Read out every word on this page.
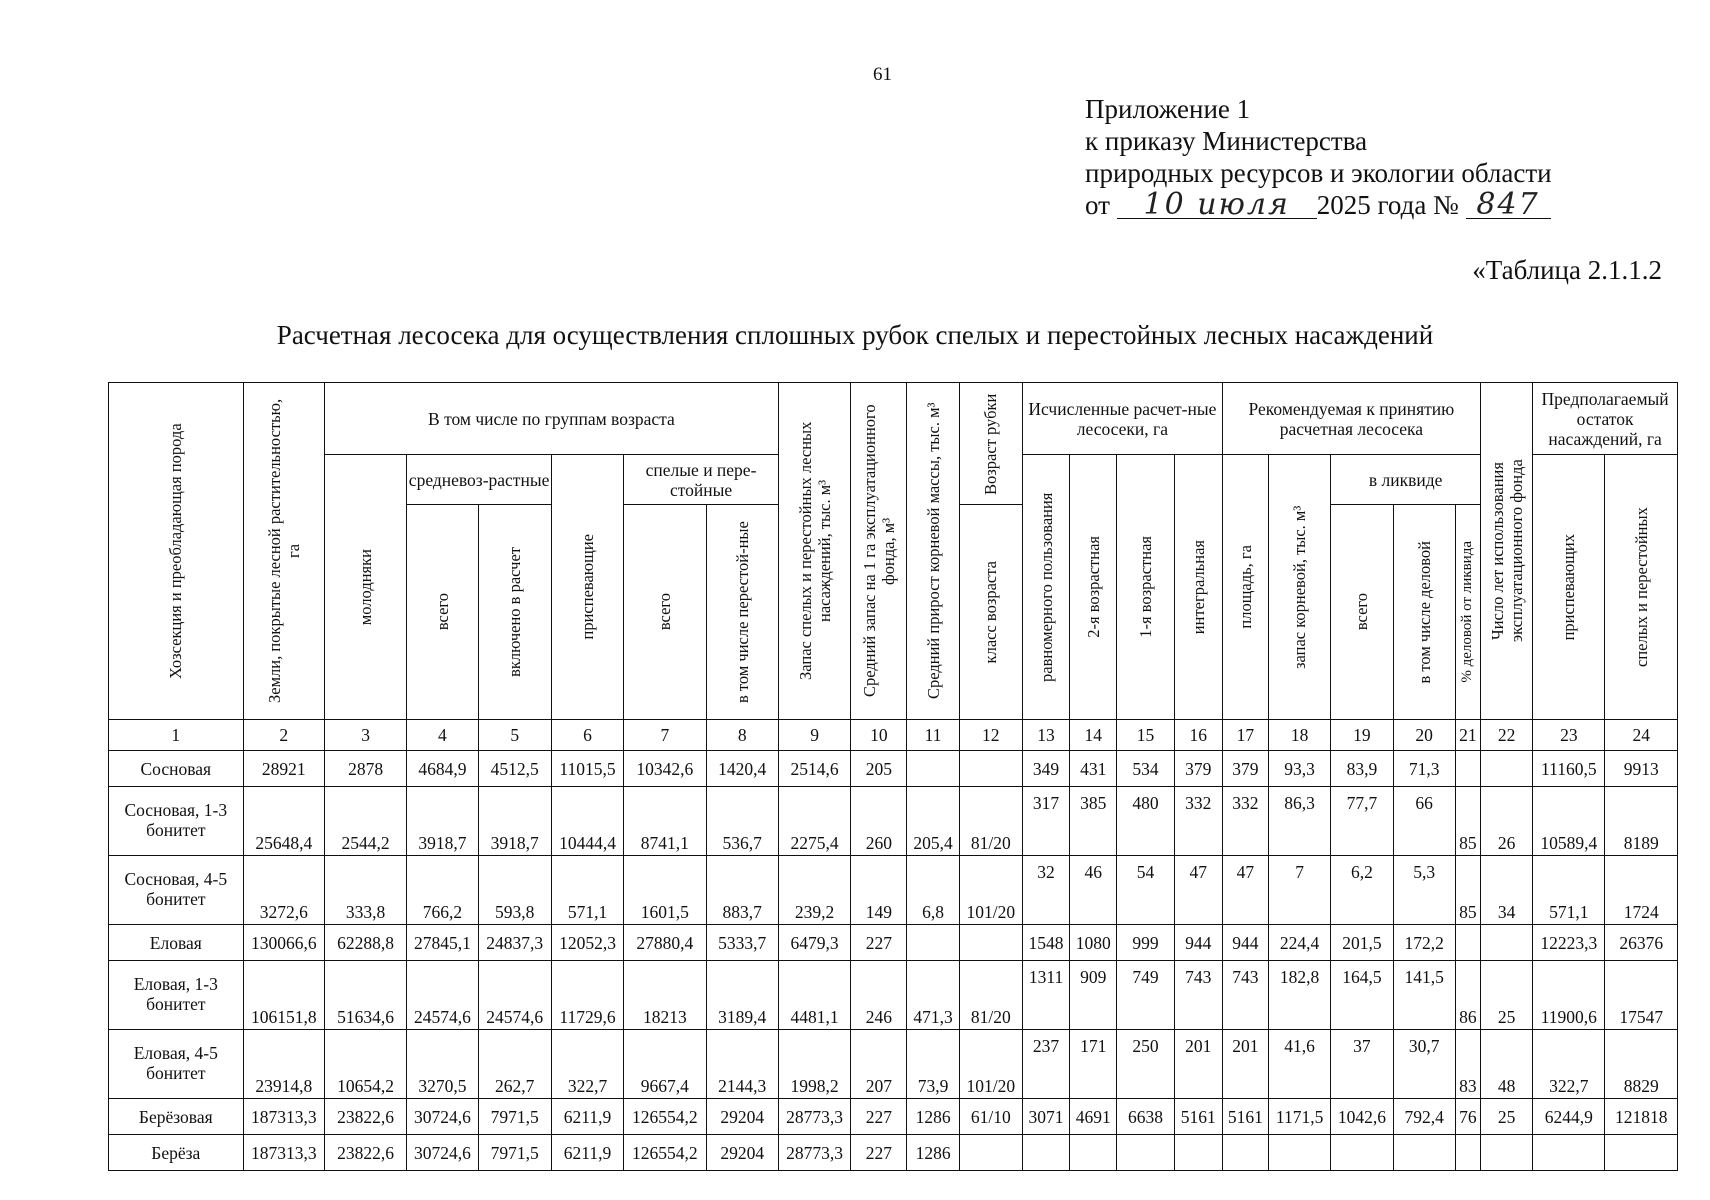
61
Приложение 1
к приказу Министерства
природных ресурсов и экологии области
от 10 июля 2025 года № 847
«Таблица 2.1.1.2
Расчетная лесосека для осуществления сплошных рубок спелых и перестойных лесных насаждений
Хозсекция и преобладающая порода	Земли, покрытые лесной растительностью, га	В том числе по группам возраста						Запас спелых и перестойных лесных насаждений, тыс. м³	Средний запас на 1 га эксплуатационного фонда, м³	Средний прирост корневой массы, тыс. м³	Возраст рубки	Исчисленные расчет-ные лесосеки, га				Рекомендуемая к принятию расчетная лесосека					Число лет использования эксплуатационного фонда	Предполагаемый остаток насаждений, га	

		молодняки	средневоз-растные		приспевающие	спелые и пере-стойные						равномерного пользования	2-я возрастная	1-я возрастная	интегральная	площадь, га	запас корневой, тыс. м³	в ликвиде				приспевающих	спелых и перестойных

			всего	включено в расчет		всего	в том числе перестой-ные				класс возраста							всего	в том числе деловой	% деловой от ликвида			

1	2	3	4	5	6	7	8	9	10	11	12	13	14	15	16	17	18	19	20	21	22	23	24
Сосновая	28921	2878	4684,9	4512,5	11015,5	10342,6	1420,4	2514,6	205			349	431	534	379	379	93,3	83,9	71,3			11160,5	9913
Сосновая, 1-3 бонитет	25648,4	2544,2	3918,7	3918,7	10444,4	8741,1	536,7	2275,4	260	205,4	81/20	317	385	480	332	332	86,3	77,7	66	85	26	10589,4	8189
Сосновая, 4-5 бонитет	3272,6	333,8	766,2	593,8	571,1	1601,5	883,7	239,2	149	6,8	101/20	32	46	54	47	47	7	6,2	5,3	85	34	571,1	1724
Еловая	130066,6	62288,8	27845,1	24837,3	12052,3	27880,4	5333,7	6479,3	227			1548	1080	999	944	944	224,4	201,5	172,2			12223,3	26376
Еловая, 1-3 бонитет	106151,8	51634,6	24574,6	24574,6	11729,6	18213	3189,4	4481,1	246	471,3	81/20	1311	909	749	743	743	182,8	164,5	141,5	86	25	11900,6	17547
Еловая, 4-5 бонитет	23914,8	10654,2	3270,5	262,7	322,7	9667,4	2144,3	1998,2	207	73,9	101/20	237	171	250	201	201	41,6	37	30,7	83	48	322,7	8829
Берёзовая	187313,3	23822,6	30724,6	7971,5	6211,9	126554,2	29204	28773,3	227	1286	61/10	3071	4691	6638	5161	5161	1171,5	1042,6	792,4	76	25	6244,9	121818
Берёза	187313,3	23822,6	30724,6	7971,5	6211,9	126554,2	29204	28773,3	227	1286													
